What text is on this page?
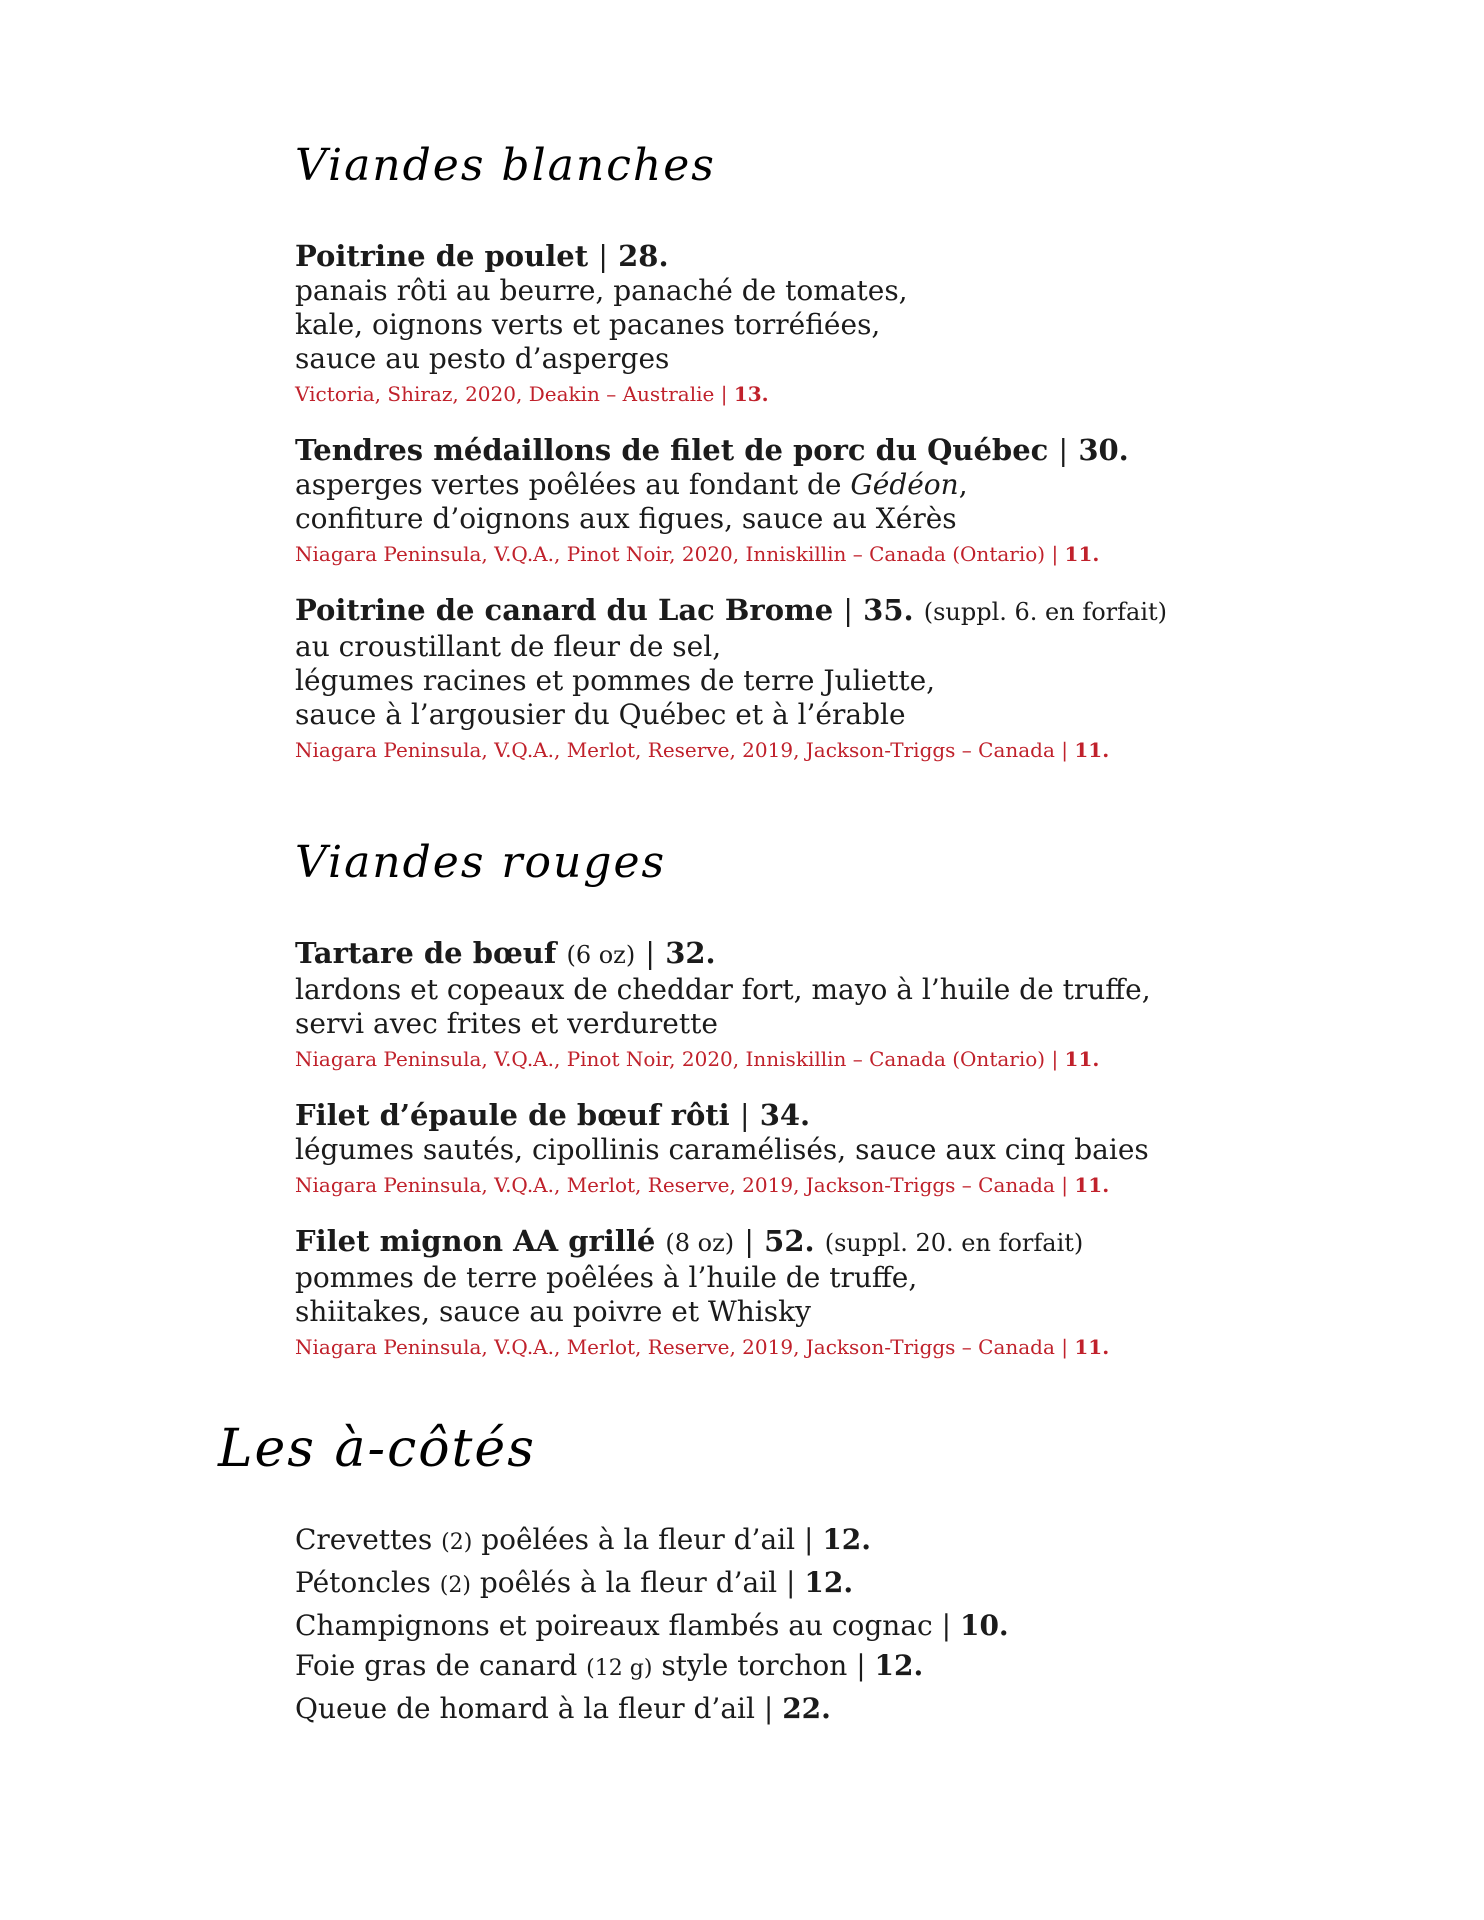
Viandes blanches
Poitrine de poulet | 28.
panais rôti au beurre, panaché de tomates,
kale, oignons verts et pacanes torréfiées,
sauce au pesto d’asperges
Victoria, Shiraz, 2020, Deakin – Australie | 13.
Tendres médaillons de filet de porc du Québec | 30.
asperges vertes poêlées au fondant de Gédéon,
confiture d’oignons aux figues, sauce au Xérès
Niagara Peninsula, V.Q.A., Pinot Noir, 2020, Inniskillin – Canada (Ontario) | 11.
Poitrine de canard du Lac Brome | 35. (suppl. 6. en forfait)
au croustillant de fleur de sel,
légumes racines et pommes de terre Juliette,
sauce à l’argousier du Québec et à l’érable
Niagara Peninsula, V.Q.A., Merlot, Reserve, 2019, Jackson-Triggs – Canada | 11.
Viandes rouges
Tartare de bœuf (6 oz) | 32.
lardons et copeaux de cheddar fort, mayo à l’huile de truffe,
servi avec frites et verdurette
Niagara Peninsula, V.Q.A., Pinot Noir, 2020, Inniskillin – Canada (Ontario) | 11.
Filet d’épaule de bœuf rôti | 34.
légumes sautés, cipollinis caramélisés, sauce aux cinq baies
Niagara Peninsula, V.Q.A., Merlot, Reserve, 2019, Jackson-Triggs – Canada | 11.
Filet mignon AA grillé (8 oz) | 52. (suppl. 20. en forfait)
pommes de terre poêlées à l’huile de truffe,
shiitakes, sauce au poivre et Whisky
Niagara Peninsula, V.Q.A., Merlot, Reserve, 2019, Jackson-Triggs – Canada | 11.
Les à-côtés
Crevettes (2) poêlées à la fleur d’ail | 12.
Pétoncles (2) poêlés à la fleur d’ail | 12.
Champignons et poireaux flambés au cognac | 10.
Foie gras de canard (12 g) style torchon | 12.
Queue de homard à la fleur d’ail | 22.
